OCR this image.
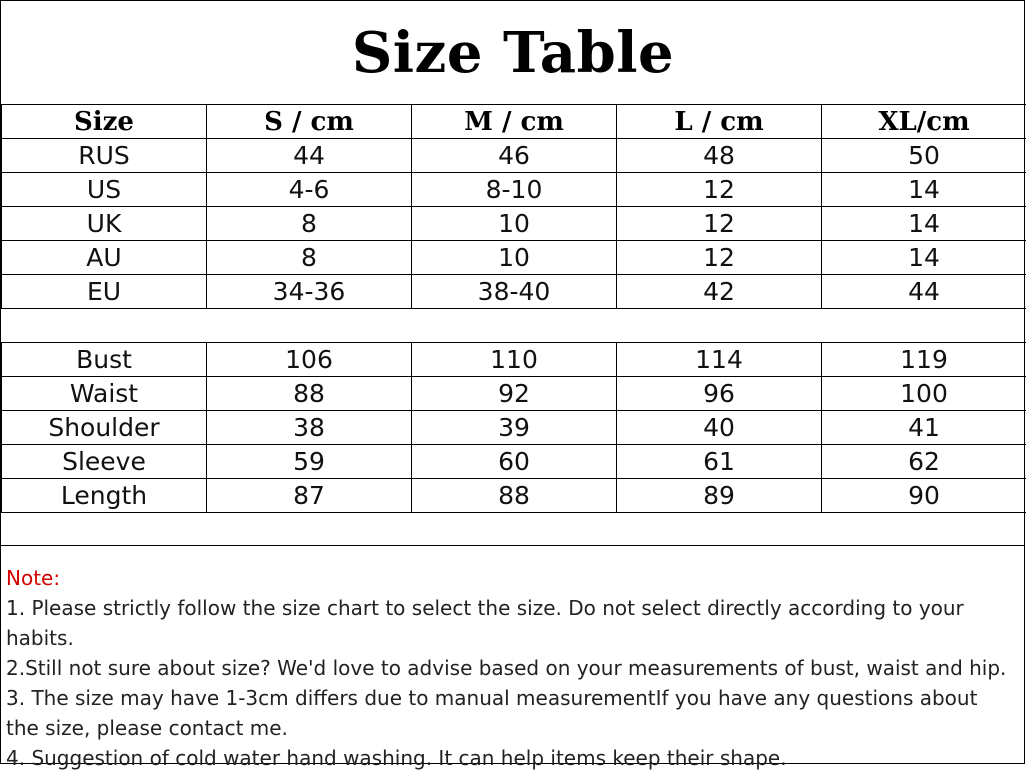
Size Table
Size	S / cm	M / cm	L / cm	XL/cm
RUS	44	46	48	50
US	4-6	8-10	12	14
UK	8	10	12	14
AU	8	10	12	14
EU	34-36	38-40	42	44
Bust	106	110	114	119
Waist	88	92	96	100
Shoulder	38	39	40	41
Sleeve	59	60	61	62
Length	87	88	89	90

Note:

1. Please strictly follow the size chart to select the size. Do not select directly according to your habits.

2.Still not sure about size? We'd love to advise based on your measurements of bust, waist and hip.

3. The size may have 1-3cm differs due to manual measurementIf you have any questions about the size, please contact me.

4. Suggestion of cold water hand washing. It can help items keep their shape.
